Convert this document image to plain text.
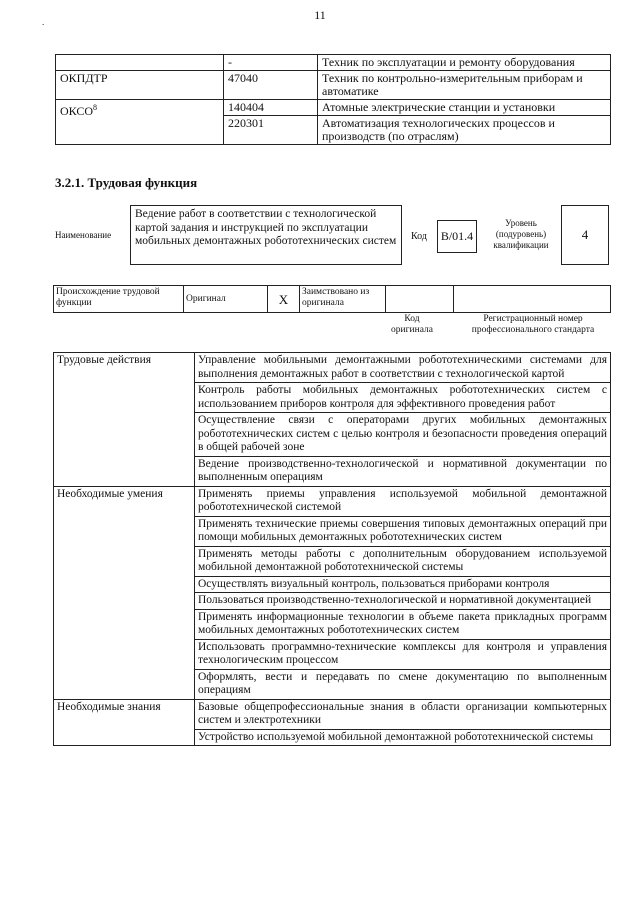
11
.
	-	Техник по эксплуатации и ремонту оборудования
ОКПДТР	47040	Техник по контрольно-измерительным приборам и автоматике
ОКСО$^8$	140404	Атомные электрические станции и установки
	220301	Автоматизация технологических процессов и производств (по отраслям)
3.2.1. Трудовая функция
Наименование
Ведение работ в соответствии с технологической картой задания и инструкцией по эксплуатации мобильных демонтажных робототехнических систем	Код	B/01.4
Уровень (подуровень) квалификации
4
Происхождение трудовой функции	Оригинал	X	Заимствовано из оригинала		
Код оригинала
Регистрационный номер профессионального стандарта
Трудовые действия	Управление мобильными демонтажными робототехническими системами для выполнения демонтажных работ в соответствии с технологической картой
	Контроль работы мобильных демонтажных робототехнических систем с использованием приборов контроля для эффективного проведения работ
	Осуществление связи с операторами других мобильных демонтажных робототехнических систем с целью контроля и безопасности проведения операций в общей рабочей зоне
	Ведение производственно-технологической и нормативной документации по выполненным операциям
Необходимые умения	Применять приемы управления используемой мобильной демонтажной робототехнической системой
	Применять технические приемы совершения типовых демонтажных операций при помощи мобильных демонтажных робототехнических систем
	Применять методы работы с дополнительным оборудованием используемой мобильной демонтажной робототехнической системы
	Осуществлять визуальный контроль, пользоваться приборами контроля
	Пользоваться производственно-технологической и нормативной документацией
	Применять информационные технологии в объеме пакета прикладных программ мобильных демонтажных робототехнических систем
	Использовать программно-технические комплексы для контроля и управления технологическим процессом
	Оформлять, вести и передавать по смене документацию по выполненным операциям
Необходимые знания	Базовые общепрофессиональные знания в области организации компьютерных систем и электротехники
	Устройство используемой мобильной демонтажной робототехнической системы
